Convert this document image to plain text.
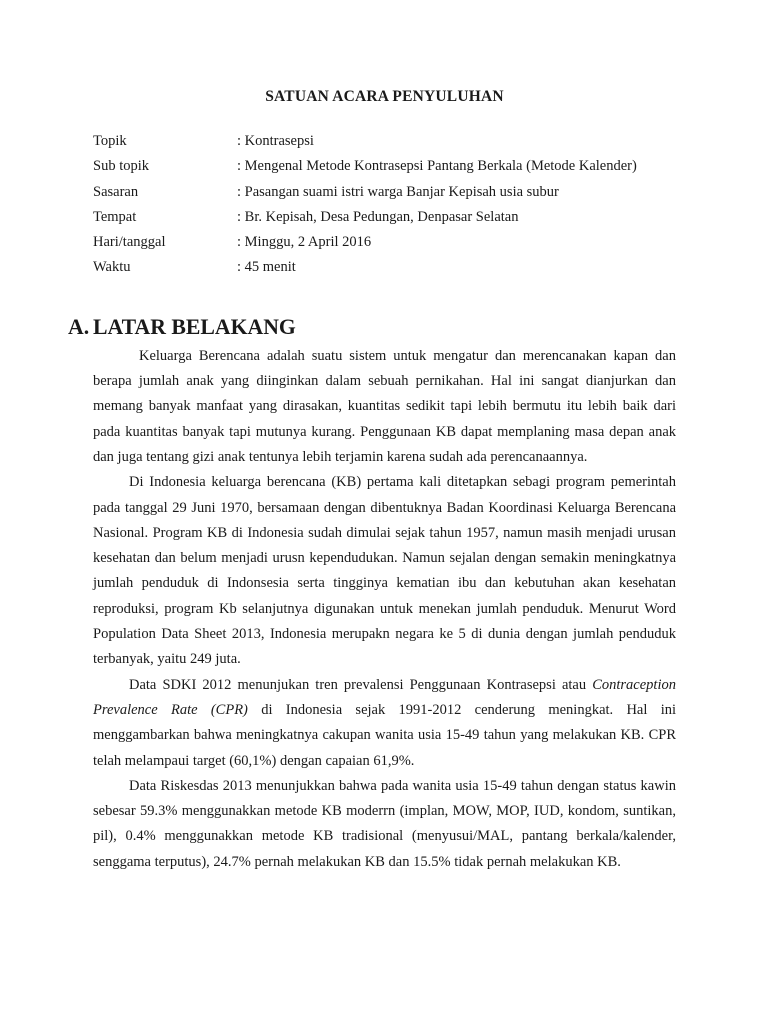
SATUAN ACARA PENYULUHAN
Topik	: Kontrasepsi
Sub topik	: Mengenal Metode Kontrasepsi Pantang Berkala (Metode Kalender)
Sasaran	: Pasangan suami istri warga Banjar Kepisah usia subur
Tempat	: Br. Kepisah, Desa Pedungan, Denpasar Selatan
Hari/tanggal	: Minggu, 2 April 2016
Waktu	: 45 menit
A. LATAR BELAKANG

Keluarga Berencana adalah suatu sistem untuk mengatur dan merencanakan kapan dan berapa jumlah anak yang diinginkan dalam sebuah pernikahan. Hal ini sangat dianjurkan dan memang banyak manfaat yang dirasakan, kuantitas sedikit tapi lebih bermutu itu lebih baik dari pada kuantitas banyak tapi mutunya kurang. Penggunaan KB dapat memplaning masa depan anak dan juga tentang gizi anak tentunya lebih terjamin karena sudah ada perencanaannya.

Di Indonesia keluarga berencana (KB) pertama kali ditetapkan sebagi program pemerintah pada tanggal 29 Juni 1970, bersamaan dengan dibentuknya Badan Koordinasi Keluarga Berencana Nasional. Program KB di Indonesia sudah dimulai sejak tahun 1957, namun masih menjadi urusan kesehatan dan belum menjadi urusn kependudukan. Namun sejalan dengan semakin meningkatnya jumlah penduduk di Indonsesia serta tingginya kematian ibu dan kebutuhan akan kesehatan reproduksi, program Kb selanjutnya digunakan untuk menekan jumlah penduduk. Menurut Word Population Data Sheet 2013, Indonesia merupakn negara ke 5 di dunia dengan jumlah penduduk terbanyak, yaitu 249 juta.

Data SDKI 2012 menunjukan tren prevalensi Penggunaan Kontrasepsi atau Contraception Prevalence Rate (CPR) di Indonesia sejak 1991-2012 cenderung meningkat. Hal ini menggambarkan bahwa meningkatnya cakupan wanita usia 15-49 tahun yang melakukan KB. CPR telah melampaui target (60,1%) dengan capaian 61,9%.

Data Riskesdas 2013 menunjukkan bahwa pada wanita usia 15-49 tahun dengan status kawin sebesar 59.3% menggunakkan metode KB moderrn (implan, MOW, MOP, IUD, kondom, suntikan, pil), 0.4% menggunakkan metode KB tradisional (menyusui/MAL, pantang berkala/kalender, senggama terputus), 24.7% pernah melakukan KB dan 15.5% tidak pernah melakukan KB.
